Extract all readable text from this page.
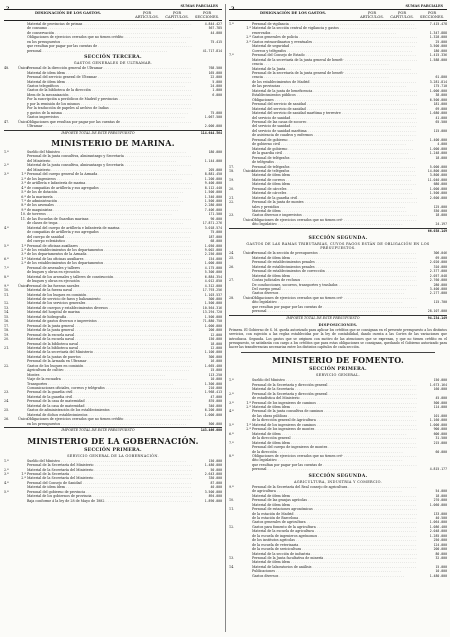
2	SUMAS PARCIALES
DESIGNACIÓN DE LOS GASTOS.	POR ARTÍCULOS.
POR CAPÍTULOS.
POR SECCIONES.
Material de provincias de primas . . .	4.844.427
de consumo . . .	567.785
de conservación . . .	44.000
Obligaciones de ejercicios cerrados que no tienen crédito . . .
en los presupuestos . . .	75.415
que resultan por pagar por las cuentas de . . .
personal . . .	41.717.814
SECCIÓN TERCERA.
GASTOS GENERALES DE ULTRAMAR.
48.	Único.
Personal de la dirección general de Ultramar . . .	768.500
Material de idem ídem . . .	165.000
Personal del servicio general de Ultramar . . .	22.000
Material de ídem ídem . . .	5.000
Gastos telegráficos . . .	24.000
Gastos de la biblioteca de la dirección . . .	1.000
Idem de la mecanización . . .	6.000
Por la suscripción a periódicos de Madrid y provincias . . .
y por la remisión de los mismos . . .
Por la traducción de papeles al archivo de Indias . . .
y gastos de la misma . . .	75.000
Gastos imprevistos . . .	1.067.500
47.	Único.
Obligaciones que resultan por pagar por las cuentas de . . .
Ultramar . . .	2.000.000
IMPORTE TOTAL DE ESTE PRESUPUESTO	114.644.564
MINISTERIO DE MARINA.
1.º	Sueldo del Ministro . . .	180.000
Personal de la junta consultiva, almirantazgo y Secretaría . . .
del Ministerio . . .	1.144.000
2.º	Material de la junta consultiva, almirantazgo y Secretaría . . .
del Ministerio . . .	205.000
3.º	1.º Personal del cuerpo general de la Armada . . .	8.881.450
2.º de los Ingenieros . . .	1.200.000
3.º de artillería e Infantería de marina . . .	9.400.000
4.º de compañías de artillería y sus agregados . . .	8.112.440
5.º de los de dotación . . .	1.500.000
6.º de la marinería . . .	1.340.000
7.º de administración . . .	1.500.000
8.º de los arsenales . . .	2.280.000
9.º de maquinistas . . .	7.406.000
10. de torreros . . .	171.500
11. de las Escuelas de Guardias marinas . . .	90.000
de clases de tropa . . .	17.871.276
4.º	Material del cuerpo de artillería e Infantería de marina . . .	3.018.574
de compañías de artillería y sus agregados . . .	75.000
del cuerpo de sanidad . . .	187.000
del cuerpo eclesiástico . . .	68.000
5.º	1.º Personal de oficinas auxiliares . . .	1.050.000
2.º de los establecimientos de los departamentos . . .	9.002.000
3.º de los departamentos de la Armada . . .	2.250.000
6.º	1.º Material de las oficinas auxiliares . . .	154.000
2.º de los establecimientos de los departamentos . . .	1.000.000
7.º	Personal de arsenales y talleres . . .	4.175.000
de buques y obras en ejecución . . .	5.300.000
8.º	Material de los arsenales y talleres de construcción . . .	6.884.354
de buques y obras en ejecución . . .	4.012.850
9.º	Único.
Personal de las fuerzas navales . . .	4.312.000
10.	Material de la fuerza naval . . .	17.793.256
11.	Material de los buques en comisión . . .	1.103.537
Material de servicio de faros y balizamiento . . .	300.000
12.	Material de los servicios generales . . .	1.500.000
13.	Material de cuerpos y establecimientos diversos . . .	10.564.316
14.	Material del hospital de marina . . .	13.294.720
15.	Material de hidrografía . . .	1.500.000
16.	Material de gastos diversos e imprevistos . . .	71.880.750
17.	Personal de la junta general . . .	1.000.000
18.	Material de la junta general . . .	200.000
19.	Personal de la escuela naval . . .	12.000
20.	Material de la escuela naval . . .	150.000
Personal de la biblioteca naval . . .	18.000
21.	Material de la biblioteca naval . . .	12.000
Material de la secretaría del Ministerio . . .	1.100.000
Material de la juntas de puertos . . .	300.000
Personal de la Armada en Ultramar . . .	16.000
22.	Gastos de los buques en comisión . . .	1.665.400
Agricultura de cultivo . . .	15.000
Montes . . .	113.250
Viaje de la escuadra . . .	10.000
Transportes . . .	1.300.000
Comunicaciones oficiales, correos y telégrafos . . .	210.000
23.	Personal de la guardia civil . . .	1.968.413
Material de la guardia civil . . .	47.000
24.	Personal de la casa de maternidad . . .	870.000
Material de la casa de maternidad . . .	340.000
25.	Gastos de administración de los establecimientos . . .	6.200.000
Material de dichos establecimientos . . .	1.000.000
26.	Único.
Obligaciones de ejercicios cerrados que no tienen crédito . . .
en los presupuestos . . .	500.000
IMPORTE TOTAL DE ESTE PRESUPUESTO	143.466.000
MINISTERIO DE LA GOBERNACIÓN.
SECCIÓN PRIMERA.
SERVICIO GENERAL DE LA GOBERNACIÓN.
1.º	Sueldo del Ministro . . .	150.000
Personal de la Secretaría del Ministerio . . .	1.480.000
2.º	Material de la Secretaría del Ministerio . . .	50.000
3.º	1.º Personal de la Secretaría . . .	2.643.000
2.º Material de la Secretaría del Ministerio . . .	330.000
4.º	Personal del Consejo de Sanidad . . .	87.000
Material de idem ídem . . .	40.000
5.º	Personal del gobierno de provincia . . .	3.500.000
Material de los gobiernos de provincia . . .	894.000
Baja conforme á la ley de 28 de Mayo de 1882 . . .	1.890.000
3	SUMAS PARCIALES
DESIGNACIÓN DE LOS GASTOS.	POR ARTÍCULOS.
POR CAPÍTULOS.
POR SECCIONES.
1.º	Personal de vigilancia . . .	7.415.478
1.º Material de la sección central de vigilancia y gastos . . .
reservados . . .	1.347.888
2.º Gastos generales de policía . . .	1.328.000
3.º Gastos extraordinarios y eventuales . . .	25.000
Material de seguridad . . .	3.500.000
Correos y telégrafos . . .	180.000
7.º	Personal del Consejo de Estado . . .	1.415.336
Material de la secretaría de la junta general de benefi- . . .	1.588.000
cencia . . .
Material de la Junta . . .
Personal de la secretaría de la junta general de benefi- . . .
cencia . . .	61.800
de los establecimientos de Madrid . . .	3.281.814
de las provincias . . .	175.710
Material de la junta de beneficencia . . .	1.000.000
Establecimientos públicos . . .	38.000
Obligaciones . . .	6.500.000
Personal del servicio de sanidad . . .	181.000
Material del servicio de sanidad . . .	69.000
Material del servicio de sanidad marítima y terrestre . . .	1.680.000
del servicio de sanidad . . .	41.000
Personal de las casas de socorro . . .	65.500
del servicio de sanidad . . .
del servicio de sanidad marítima . . .	115.000
de asistencia de cuadros y enfermos . . .
Personal de gobierno . . .	1.400.000
de gobierno civil . . .	4.000
Material de gobierno . . .	1.000.000
de la guardia civil . . .	1.248.000
Personal de telégrafos . . .	18.000
de telégrafos . . .
17.	Personal de telégrafos . . .	5.000.000
18.	Único.
Material de telégrafos . . .	14.800.000
Material de ídem ídem . . .	3.800.000
19.	Material de correos . . .	11.040.000
Material de ídem ídem . . .	680.000
20.	Personal de cárceles . . .	1.000.000
Material de cárceles . . .	1.500.000
21.	Material de la guardia civil . . .	2.600.000
22.	Personal de la junta de montes . . .
tales y presidios . . .	125.000
Material de ídem . . .	530.000
23.	Gastos diversos e imprevistos . . .	18.000
Único.
Obligaciones de ejercicios cerrados que no tienen cré- . . .
dito legislativo . . .	24.197
66.038.149
SECCIÓN SEGUNDA.
GASTOS DE LAS RAMAS TRIBUTARIAS, CUYOS PAGOS ESTÁN DE OBLIGACIÓN EN LOS PRESUPUESTOS.
24.	Único.
Personal de la sección de presupuestos . . .	306.046
25.	Material de ídem ídem . . .	69.000
Personal de establecimientos penales . . .	2.020.000
26.	Material de establecimientos penales . . .	310.000
Personal de establecimientos de corrección . . .	2.377.000
Material de ídem ídem . . .	2.057.048
27.	Costas judiciales de reclusos . . .	2.760.000
De conducciones, socorros, transportes y traslados . . .	280.000
Del cuerpo penal . . .	3.400.000
Gastos diversos . . .	2.277.000
28.	Único.
Obligaciones de ejercicios cerrados que no tienen cré- . . .
dito legislativo . . .	115.700
que resultan por pagar por las cuentas de . . .
personal . . .	28.107.000
IMPORTE TOTAL DE ESTE PRESUPUESTO	94.234.149
DISPOSICIONES.
Primera. El Gobierno de S. M. queda autorizado para aplicar los créditos que se consignan en el presente presupuesto a los distintos servicios, con sujeción a las reglas establecidas por la ley de contabilidad, dando cuenta a las Cortes de las variaciones que introduzca. Segunda. Los gastos que se originen con motivo de las atenciones que se expresan, y que no tienen crédito en el presupuesto, se satisfarán con cargo a los créditos que para estas obligaciones se consignan, quedando el Gobierno autorizado para hacer las transferencias necesarias entre los distintos capítulos de cada sección.
MINISTERIO DE FOMENTO.
SECCIÓN PRIMERA.
SERVICIO GENERAL.
1.º	Sueldo del Ministro . . .	150.000
Personal de la Secretaría y dirección general . . .	1.673.164
Material de la Secretaría . . .	160.000
2.º	Personal de la Secretaría y dirección general . . .
de estadística del Ministerio . . .	45.000
3.º	1.º Personal de los ingenieros de caminos . . .	500.000
2.º Material de ídem ídem . . .	114.000
4.º	Personal de la junta consultiva de caminos . . .
de las obras públicas . . .	101.000
de la dirección general de Agricultura . . .	1.160.000
5.º	1.º Material de los ingenieros de caminos . . .	1.000.000
2.º Personal de los ingenieros de montes . . .	900.000
6.º	Material de ídem . . .	600.000
de la dirección general . . .	31.500
7.º	Material de ídem ídem . . .	215.000
Personal del cuerpo de ingenieros de montes . . .
de la dirección . . .	60.000
8.º	Obligaciones de ejercicios cerrados que no tienen cré- . . .
dito legislativo . . .
que resultan por pagar por las cuentas de . . .
personal . . .	4.815.177
SECCIÓN SEGUNDA.
AGRICULTURA, INDUSTRIA Y COMERCIO.
9.º	Personal de la Secretaría del Real consejo de agricultura . . .
de agricultura . . .	54.000
Material de ídem ídem . . .	18.000
10.	Personal de las granjas agrícolas . . .	270.000
Material de ídem ídem . . .	1.060.000
11.	Personal de estaciones agronómicas . . .
de la estación de Madrid . . .	133.000
de la estación de Barcelona . . .	40.500
Gastos generales de agricultura . . .	1.064.000
12.	Gastos para fomento de la agricultura . . .	1.086.400
Material de la escuela de agricultura . . .	2.048.000
de la escuela de ingenieros agrónomos . . .	1.285.000
de los institutos agrícolas . . .	250.000
de la escuela de veterinaria . . .	124.000
de la escuela de sericicultura . . .	200.000
Material de la sección de industria . . .	80.000
13.	Personal de la Junta facultativa de minería . . .	32.000
Material de ídem ídem . . .
14.	Material de laboratorios de análisis . . .	15.000
Publicaciones . . .	10.000
Gastos diversos . . .	1.480.000
